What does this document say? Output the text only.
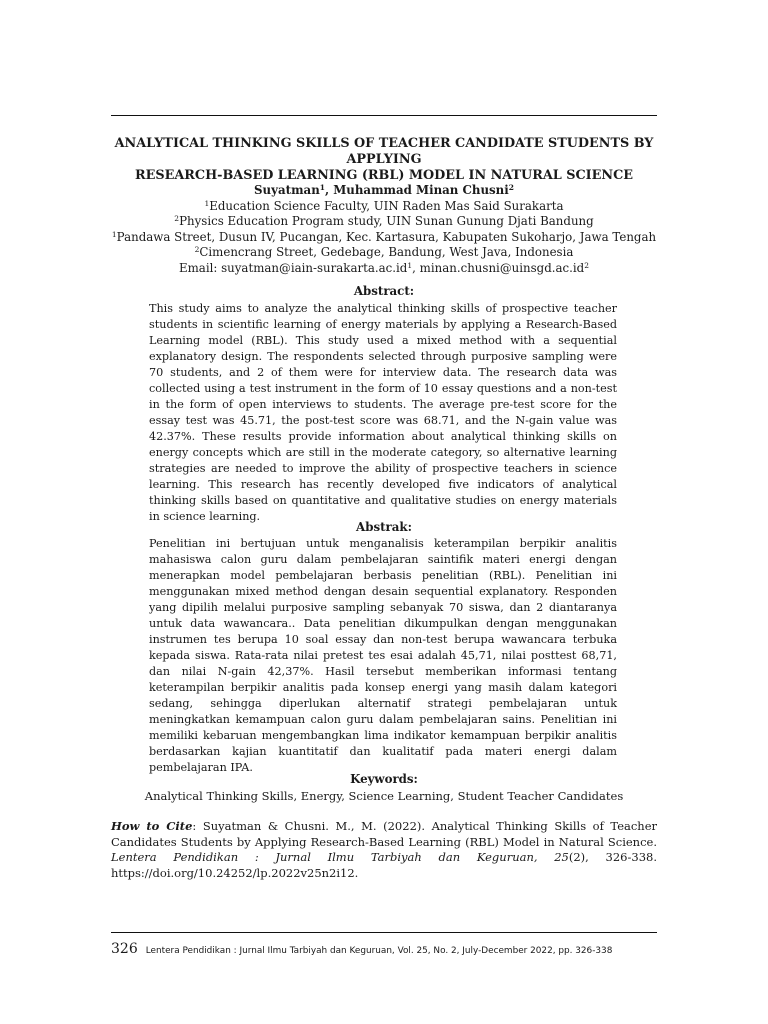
ANALYTICAL THINKING SKILLS OF TEACHER CANDIDATE STUDENTS BY APPLYING
RESEARCH-BASED LEARNING (RBL) MODEL IN NATURAL SCIENCE
Suyatman$^1$, Muhammad Minan Chusni$^2$
$^1$Education Science Faculty, UIN Raden Mas Said Surakarta
$^2$Physics Education Program study, UIN Sunan Gunung Djati Bandung
$^1$Pandawa Street, Dusun IV, Pucangan, Kec. Kartasura, Kabupaten Sukoharjo, Jawa Tengah
$^2$Cimencrang Street, Gedebage, Bandung, West Java, Indonesia
Email: $suyatman@iain-surakarta.ac.id^1$, $minan.chusni@uinsgd.ac.id^2$
Abstract:
This study aims to analyze the analytical thinking skills of prospective teacher students in scientific learning of energy materials by applying a Research-Based Learning model (RBL). This study used a mixed method with a sequential explanatory design. The respondents selected through purposive sampling were 70 students, and 2 of them were for interview data. The research data was collected using a test instrument in the form of 10 essay questions and a non-test in the form of open interviews to students. The average pre-test score for the essay test was 45.71, the post-test score was 68.71, and the N-gain value was 42.37%. These results provide information about analytical thinking skills on energy concepts which are still in the moderate category, so alternative learning strategies are needed to improve the ability of prospective teachers in science learning. This research has recently developed five indicators of analytical thinking skills based on quantitative and qualitative studies on energy materials in science learning.
Abstrak:
Penelitian ini bertujuan untuk menganalisis keterampilan berpikir analitis mahasiswa calon guru dalam pembelajaran saintifik materi energi dengan menerapkan model pembelajaran berbasis penelitian (RBL). Penelitian ini menggunakan mixed method dengan desain sequential explanatory. Responden yang dipilih melalui purposive sampling sebanyak 70 siswa, dan 2 diantaranya untuk data wawancara.. Data penelitian dikumpulkan dengan menggunakan instrumen tes berupa 10 soal essay dan non-test berupa wawancara terbuka kepada siswa. Rata-rata nilai pretest tes esai adalah 45,71, nilai posttest 68,71, dan nilai N-gain 42,37%. Hasil tersebut memberikan informasi tentang keterampilan berpikir analitis pada konsep energi yang masih dalam kategori sedang, sehingga diperlukan alternatif strategi pembelajaran untuk meningkatkan kemampuan calon guru dalam pembelajaran sains. Penelitian ini memiliki kebaruan mengembangkan lima indikator kemampuan berpikir analitis berdasarkan kajian kuantitatif dan kualitatif pada materi energi dalam pembelajaran IPA.
Keywords:
Analytical Thinking Skills, Energy, Science Learning, Student Teacher Candidates
How to Cite: Suyatman & Chusni. M., M. (2022). Analytical Thinking Skills of Teacher Candidates Students by Applying Research-Based Learning (RBL) Model in Natural Science. Lentera Pendidikan : Jurnal Ilmu Tarbiyah dan Keguruan, 25(2), 326-338. https://doi.org/10.24252/lp.2022v25n2i12.
326 Lentera Pendidikan : Jurnal Ilmu Tarbiyah dan Keguruan, Vol. 25, No. 2, July-December 2022, pp. 326-338
